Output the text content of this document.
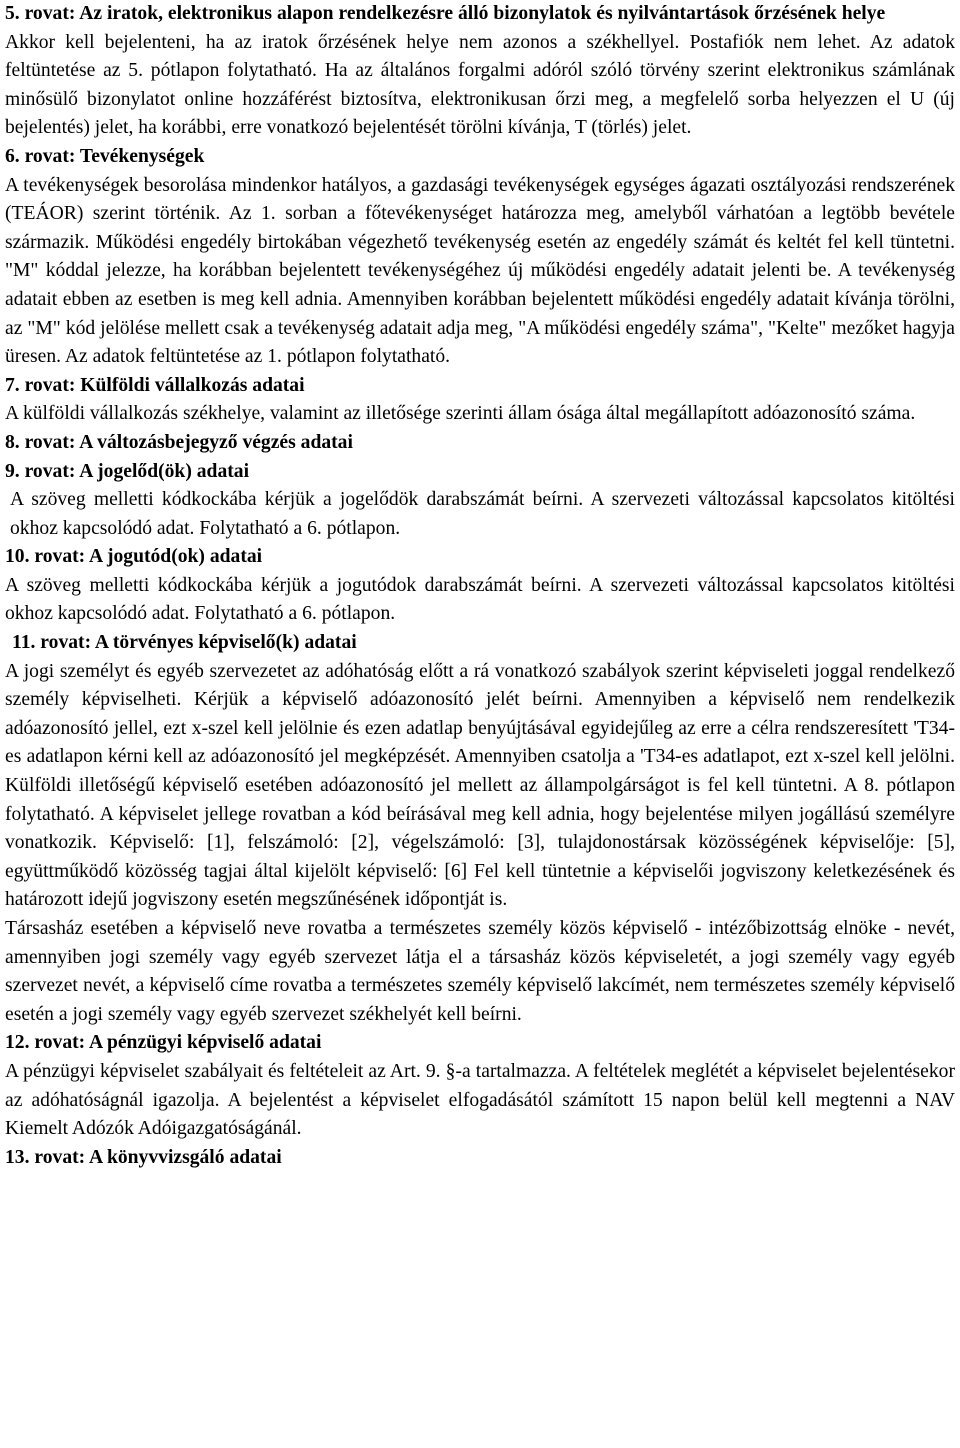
5. rovat: Az iratok, elektronikus alapon rendelkezésre álló bizonylatok és nyilvántartások őrzésének helye

Akkor kell bejelenteni, ha az iratok őrzésének helye nem azonos a székhellyel. Postafiók nem lehet. Az adatok feltüntetése az 5. pótlapon folytatható. Ha az általános forgalmi adóról szóló törvény szerint elektronikus számlának minősülő bizonylatot online hozzáférést biztosítva, elektronikusan őrzi meg, a megfelelő sorba helyezzen el U (új bejelentés) jelet, ha korábbi, erre vonatkozó bejelentését törölni kívánja, T (törlés) jelet.

6. rovat: Tevékenységek

A tevékenységek besorolása mindenkor hatályos, a gazdasági tevékenységek egységes ágazati osztályozási rendszerének (TEÁOR) szerint történik. Az 1. sorban a főtevékenységet határozza meg, amelyből várhatóan a legtöbb bevétele származik. Működési engedély birtokában végezhető tevékenység esetén az engedély számát és keltét fel kell tüntetni. "M" kóddal jelezze, ha korábban bejelentett tevékenységéhez új működési engedély adatait jelenti be. A tevékenység adatait ebben az esetben is meg kell adnia. Amennyiben korábban bejelentett működési engedély adatait kívánja törölni, az "M" kód jelölése mellett csak a tevékenység adatait adja meg, "A működési engedély száma", "Kelte" mezőket hagyja üresen. Az adatok feltüntetése az 1. pótlapon folytatható.

7. rovat: Külföldi vállalkozás adatai

A külföldi vállalkozás székhelye, valamint az illetősége szerinti állam ósága által megállapított adóazonosító száma.

8. rovat: A változásbejegyző végzés adatai

9. rovat: A jogelőd(ök) adatai

A szöveg melletti kódkockába kérjük a jogelődök darabszámát beírni. A szervezeti változással kapcsolatos kitöltési okhoz kapcsolódó adat. Folytatható a 6. pótlapon.

10. rovat: A jogutód(ok) adatai

A szöveg melletti kódkockába kérjük a jogutódok darabszámát beírni. A szervezeti változással kapcsolatos kitöltési okhoz kapcsolódó adat. Folytatható a 6. pótlapon.

11. rovat: A törvényes képviselő(k) adatai

A jogi személyt és egyéb szervezetet az adóhatóság előtt a rá vonatkozó szabályok szerint képviseleti joggal rendelkező személy képviselheti. Kérjük a képviselő adóazonosító jelét beírni. Amennyiben a képviselő nem rendelkezik adóazonosító jellel, ezt x-szel kell jelölnie és ezen adatlap benyújtásával egyidejűleg az erre a célra rendszeresített 'T34-es adatlapon kérni kell az adóazonosító jel megképzését. Amennyiben csatolja a 'T34-es adatlapot, ezt x-szel kell jelölni. Külföldi illetőségű képviselő esetében adóazonosító jel mellett az állampolgárságot is fel kell tüntetni. A 8. pótlapon folytatható. A képviselet jellege rovatban a kód beírásával meg kell adnia, hogy bejelentése milyen jogállású személyre vonatkozik. Képviselő: [1], felszámoló: [2], végelszámoló: [3], tulajdonostársak közösségének képviselője: [5], együttműködő közösség tagjai által kijelölt képviselő: [6] Fel kell tüntetnie a képviselői jogviszony keletkezésének és határozott idejű jogviszony esetén megszűnésének időpontját is.

Társasház esetében a képviselő neve rovatba a természetes személy közös képviselő - intézőbizottság elnöke - nevét, amennyiben jogi személy vagy egyéb szervezet látja el a társasház közös képviseletét, a jogi személy vagy egyéb szervezet nevét, a képviselő címe rovatba a természetes személy képviselő lakcímét, nem természetes személy képviselő esetén a jogi személy vagy egyéb szervezet székhelyét kell beírni.

12. rovat: A pénzügyi képviselő adatai

A pénzügyi képviselet szabályait és feltételeit az Art. 9. §-a tartalmazza. A feltételek meglétét a képviselet bejelentésekor az adóhatóságnál igazolja. A bejelentést a képviselet elfogadásától számított 15 napon belül kell megtenni a NAV Kiemelt Adózók Adóigazgatóságánál.

13. rovat: A könyvvizsgáló adatai
